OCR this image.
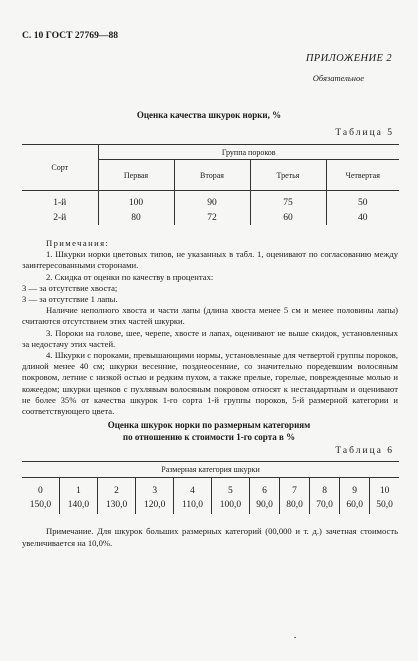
С. 10 ГОСТ 27769—88
ПРИЛОЖЕНИЕ 2
Обязательное
Оценка качества шкурок норки, %
Таблица 5
Сорт	Группа пороков			
	Первая	Вторая	Третья	Четвертая
1-й	100	90	75	50
2-й	80	72	60	40

Примечания:

1. Шкурки норки цветовых типов, не указанных в табл. 1, оценивают по согласованию между заинтересованными сторонами.

2. Скидка от оценки по качеству в процентах:

3 — за отсутствие хвоста;

3 — за отсутствие 1 лапы.

Наличие неполного хвоста и части лапы (длина хвоста менее 5 см и менее половины лапы) считаются отсутствием этих частей шкурки.

3. Пороки на голове, шее, черепе, хвосте и лапах, оценивают не выше скидок, установленных за недостачу этих частей.

4. Шкурки с пороками, превышающими нормы, установленные для четвертой группы пороков, длиной менее 40 см; шкурки весенние, позднеосенние, со значительно поредевшим волосяным покровом, летние с низкой остью и редким пухом, а также прелые, горелые, поврежденные молью и кожеедом; шкурки щенков с пухлявым волосяным покровом относят к нестандартным и оценивают не более 35% от качества шкурок 1-го сорта 1-й группы пороков, 5-й размерной категории и соответствующего цвета.

Оценка шкурок норки по размерным категориям
по отношению к стоимости 1-го сорта в %
Таблица 6
Размерная категория шкурки										
0	1	2	3	4	5	6	7	8	9	10
150,0	140,0	130,0	120,0	110,0	100,0	90,0	80,0	70,0	60,0	50,0

Примечание. Для шкурок больших размерных категорий (00,000 и т. д.) зачетная стоимость увеличивается на 10,0%.
